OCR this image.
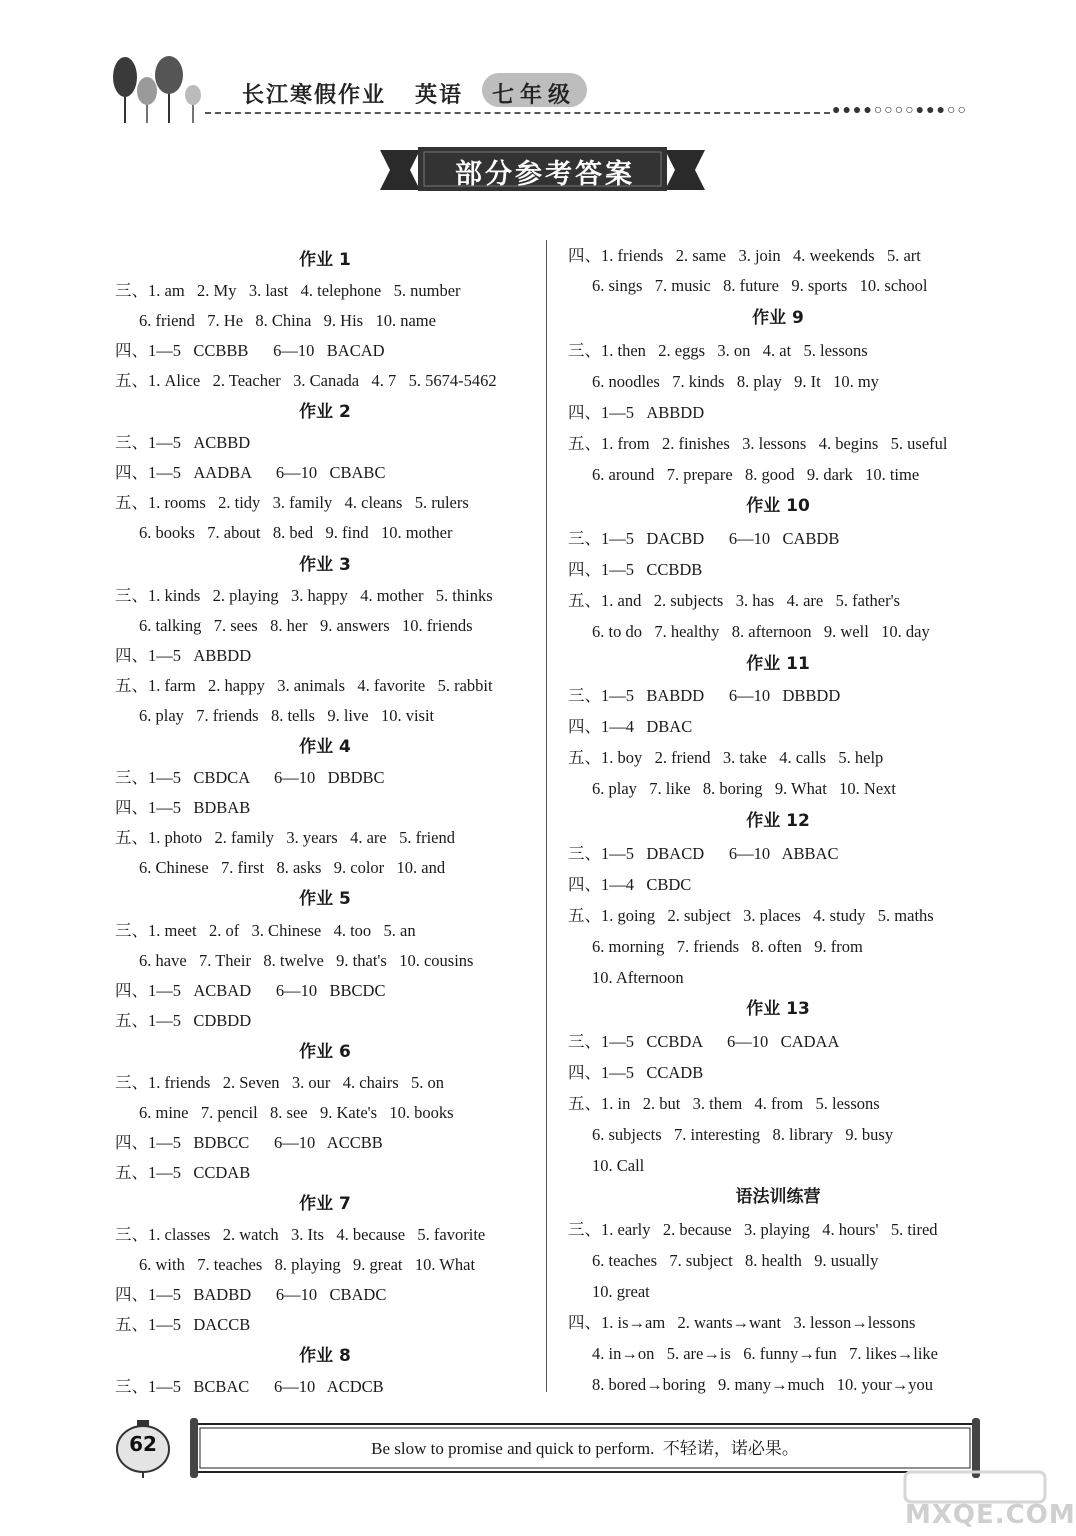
长江寒假作业   英语 七年级
●●●●○○○○●●●○○
部分参考答案
作业 1
三、1. am   2. My   3. last   4. telephone   5. number
6. friend   7. He   8. China   9. His   10. name
四、1—5   CCBBB      6—10   BACAD
五、1. Alice   2. Teacher   3. Canada   4. 7   5. 5674-5462
作业 2
三、1—5   ACBBD
四、1—5   AADBA      6—10   CBABC
五、1. rooms   2. tidy   3. family   4. cleans   5. rulers
6. books   7. about   8. bed   9. find   10. mother
作业 3
三、1. kinds   2. playing   3. happy   4. mother   5. thinks
6. talking   7. sees   8. her   9. answers   10. friends
四、1—5   ABBDD
五、1. farm   2. happy   3. animals   4. favorite   5. rabbit
6. play   7. friends   8. tells   9. live   10. visit
作业 4
三、1—5   CBDCA      6—10   DBDBC
四、1—5   BDBAB
五、1. photo   2. family   3. years   4. are   5. friend
6. Chinese   7. first   8. asks   9. color   10. and
作业 5
三、1. meet   2. of   3. Chinese   4. too   5. an
6. have   7. Their   8. twelve   9. that's   10. cousins
四、1—5   ACBAD      6—10   BBCDC
五、1—5   CDBDD
作业 6
三、1. friends   2. Seven   3. our   4. chairs   5. on
6. mine   7. pencil   8. see   9. Kate's   10. books
四、1—5   BDBCC      6—10   ACCBB
五、1—5   CCDAB
作业 7
三、1. classes   2. watch   3. Its   4. because   5. favorite
6. with   7. teaches   8. playing   9. great   10. What
四、1—5   BADBD      6—10   CBADC
五、1—5   DACCB
作业 8
三、1—5   BCBAC      6—10   ACDCB
四、1. friends   2. same   3. join   4. weekends   5. art
6. sings   7. music   8. future   9. sports   10. school
作业 9
三、1. then   2. eggs   3. on   4. at   5. lessons
6. noodles   7. kinds   8. play   9. It   10. my
四、1—5   ABBDD
五、1. from   2. finishes   3. lessons   4. begins   5. useful
6. around   7. prepare   8. good   9. dark   10. time
作业 10
三、1—5   DACBD      6—10   CABDB
四、1—5   CCBDB
五、1. and   2. subjects   3. has   4. are   5. father's
6. to do   7. healthy   8. afternoon   9. well   10. day
作业 11
三、1—5   BABDD      6—10   DBBDD
四、1—4   DBAC
五、1. boy   2. friend   3. take   4. calls   5. help
6. play   7. like   8. boring   9. What   10. Next
作业 12
三、1—5   DBACD      6—10   ABBAC
四、1—4   CBDC
五、1. going   2. subject   3. places   4. study   5. maths
6. morning   7. friends   8. often   9. from
10. Afternoon
作业 13
三、1—5   CCBDA      6—10   CADAA
四、1—5   CCADB
五、1. in   2. but   3. them   4. from   5. lessons
6. subjects   7. interesting   8. library   9. busy
10. Call
语法训练营
三、1. early   2. because   3. playing   4. hours'   5. tired
6. teaches   7. subject   8. health   9. usually
10. great
四、1. is→am   2. wants→want   3. lesson→lessons
4. in→on   5. are→is   6. funny→fun   7. likes→like
8. bored→boring   9. many→much   10. your→you
Be slow to promise and quick to perform.  不轻诺，诺必果。
62
MXQE.COM
